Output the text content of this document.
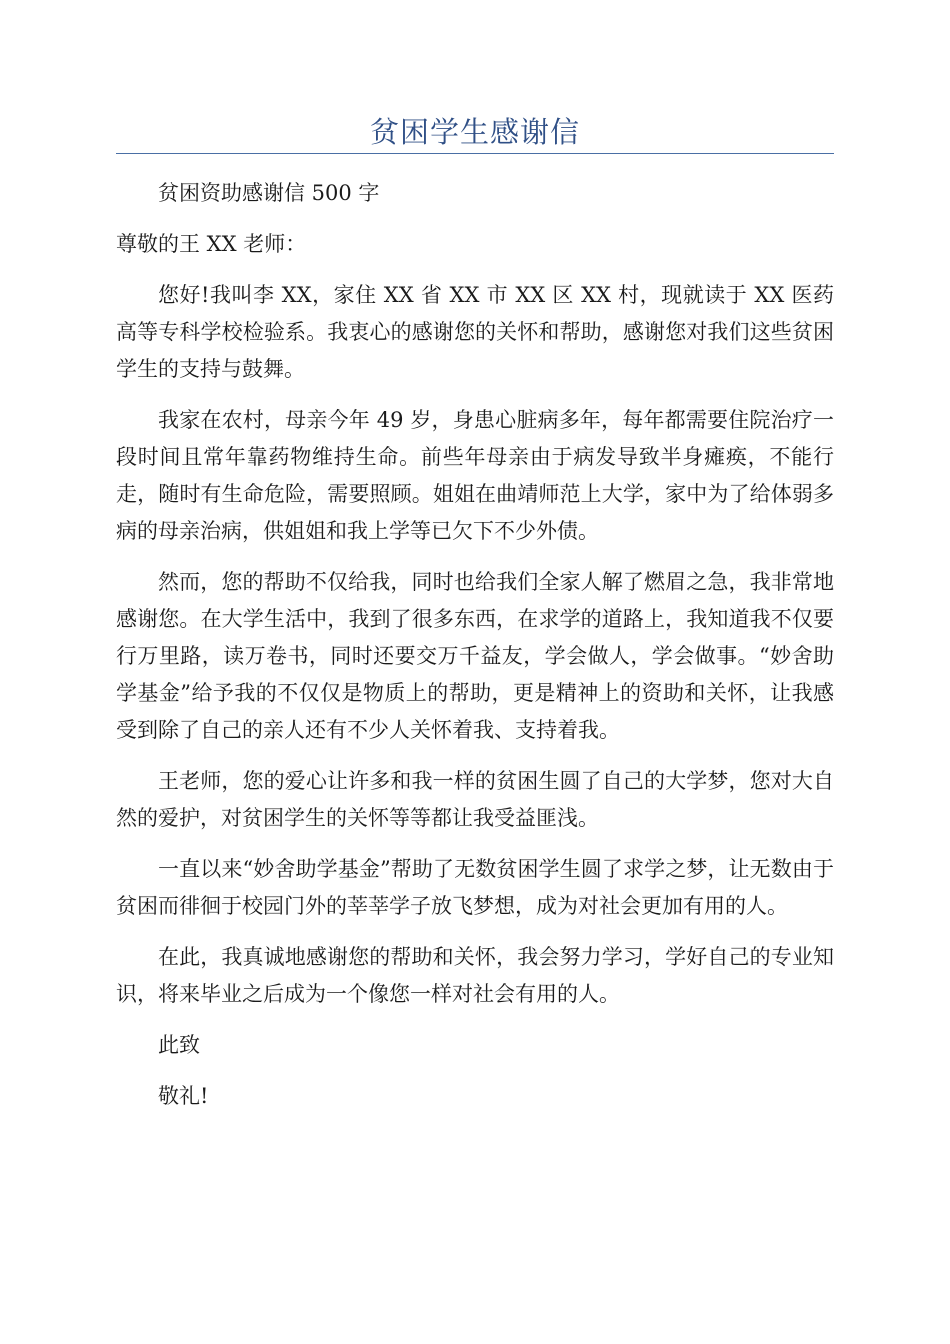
贫困学生感谢信

贫困资助感谢信 500 字

尊敬的王 XX 老师：

您好!我叫李 XX，家住 XX 省 XX 市 XX 区 XX 村，现就读于 XX 医药高等专科学校检验系。我衷心的感谢您的关怀和帮助，感谢您对我们这些贫困学生的支持与鼓舞。

我家在农村，母亲今年 49 岁，身患心脏病多年，每年都需要住院治疗一段时间且常年靠药物维持生命。前些年母亲由于病发导致半身瘫痪，不能行走，随时有生命危险，需要照顾。姐姐在曲靖师范上大学，家中为了给体弱多病的母亲治病，供姐姐和我上学等已欠下不少外债。

然而，您的帮助不仅给我，同时也给我们全家人解了燃眉之急，我非常地感谢您。在大学生活中，我到了很多东西，在求学的道路上，我知道我不仅要行万里路，读万卷书，同时还要交万千益友，学会做人，学会做事。“妙舍助学基金”给予我的不仅仅是物质上的帮助，更是精神上的资助和关怀，让我感受到除了自己的亲人还有不少人关怀着我、支持着我。

王老师，您的爱心让许多和我一样的贫困生圆了自己的大学梦，您对大自然的爱护，对贫困学生的关怀等等都让我受益匪浅。

一直以来“妙舍助学基金”帮助了无数贫困学生圆了求学之梦，让无数由于贫困而徘徊于校园门外的莘莘学子放飞梦想，成为对社会更加有用的人。

在此，我真诚地感谢您的帮助和关怀，我会努力学习，学好自己的专业知识，将来毕业之后成为一个像您一样对社会有用的人。

此致

敬礼!
